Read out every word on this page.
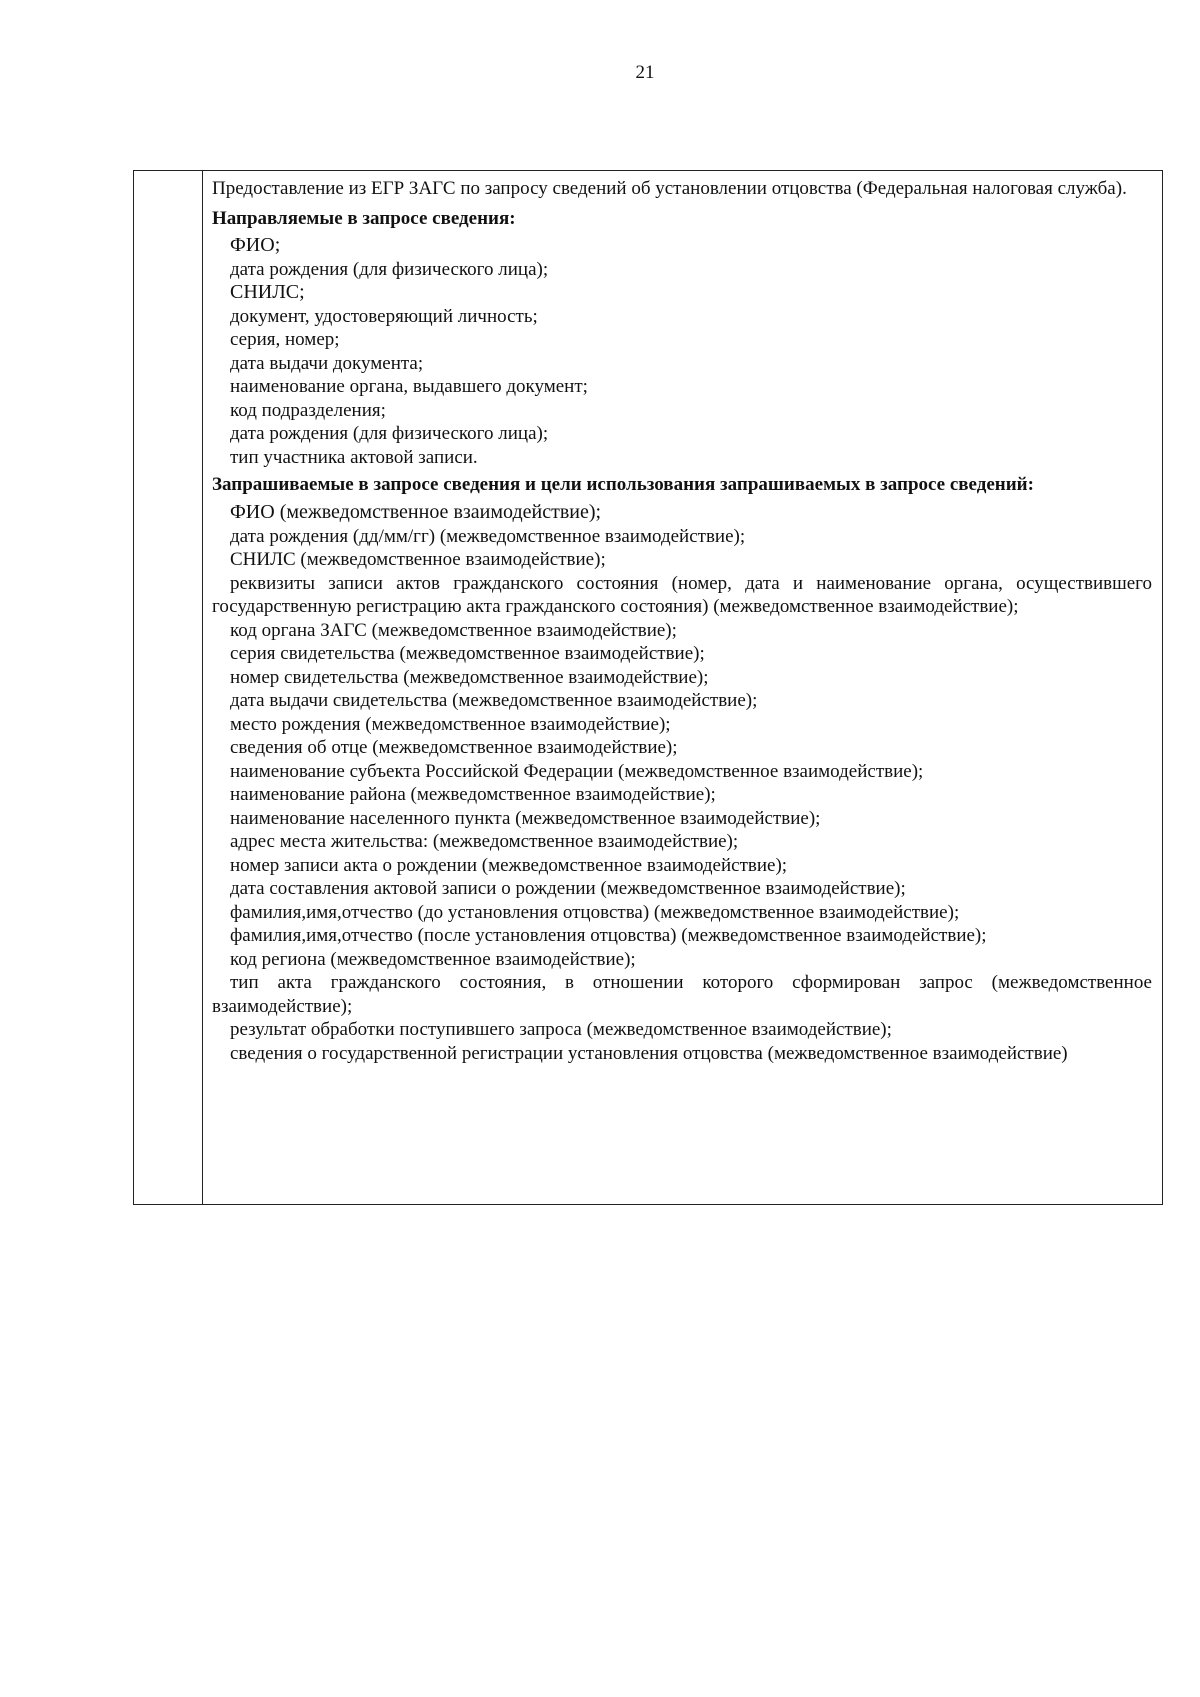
21

Предоставление из ЕГР ЗАГС по запросу сведений об установлении отцовства (Федеральная налоговая служба).

Направляемые в запросе сведения:

ФИО;
дата рождения (для физического лица);
СНИЛС;
документ, удостоверяющий личность;
серия, номер;
дата выдачи документа;
наименование органа, выдавшего документ;
код подразделения;
дата рождения (для физического лица);
тип участника актовой записи.

Запрашиваемые в запросе сведения и цели использования запрашиваемых в запросе сведений:

ФИО (межведомственное взаимодействие);
дата рождения (дд/мм/гг) (межведомственное взаимодействие);
СНИЛС (межведомственное взаимодействие);
реквизиты записи актов гражданского состояния (номер, дата и наименование органа, осуществившего государственную регистрацию акта гражданского состояния) (межведомственное взаимодействие);
код органа ЗАГС (межведомственное взаимодействие);
серия свидетельства (межведомственное взаимодействие);
номер свидетельства (межведомственное взаимодействие);
дата выдачи свидетельства (межведомственное взаимодействие);
место рождения (межведомственное взаимодействие);
сведения об отце (межведомственное взаимодействие);
наименование субъекта Российской Федерации (межведомственное взаимодействие);
наименование района (межведомственное взаимодействие);
наименование населенного пункта (межведомственное взаимодействие);
адрес места жительства: (межведомственное взаимодействие);
номер записи акта о рождении (межведомственное взаимодействие);
дата составления актовой записи о рождении (межведомственное взаимодействие);
фамилия,имя,отчество (до установления отцовства) (межведомственное взаимодействие);
фамилия,имя,отчество (после установления отцовства) (межведомственное взаимодействие);
код региона (межведомственное взаимодействие);
тип акта гражданского состояния, в отношении которого сформирован запрос (межведомственное взаимодействие);
результат обработки поступившего запроса (межведомственное взаимодействие);
сведения о государственной регистрации установления отцовства (межведомственное взаимодействие)
